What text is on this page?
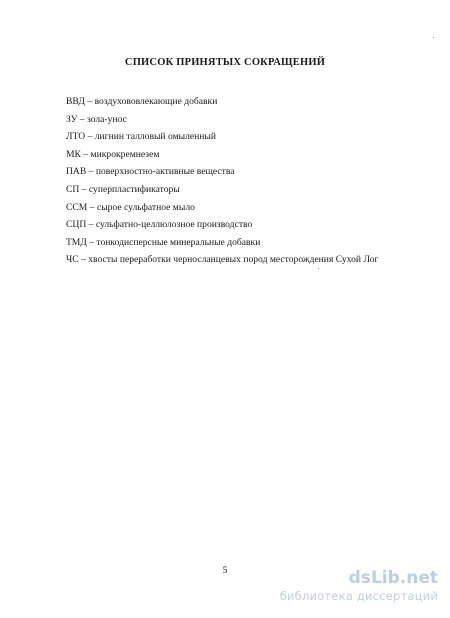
СПИСОК ПРИНЯТЫХ СОКРАЩЕНИЙ
ВВД – воздухововлекающие добавки
ЗУ – зола-унос
ЛТО – лигнин талловый омыленный
МК – микрокремнезем
ПАВ – поверхностно-активные вещества
СП – суперпластификаторы
ССМ – сырое сульфатное мыло
СЦП – сульфатно-целлюлозное производство
ТМД – тонкодисперсные минеральные добавки
ЧС – хвосты переработки черносланцевых пород месторождения Сухой Лог
5	dsLib.net
библиотека диссертаций
